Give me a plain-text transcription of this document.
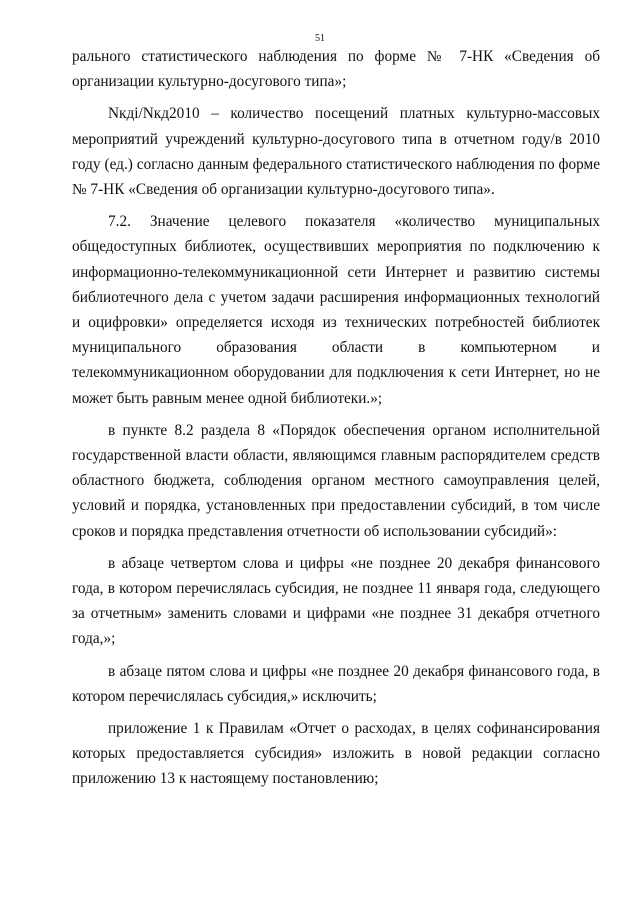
51

рального статистического наблюдения по форме № 7-НК «Сведения об организации культурно-досугового типа»;

Nкдi/Nкд2010 – количество посещений платных культурно-массовых мероприятий учреждений культурно-досугового типа в отчетном году/в 2010 году (ед.) согласно данным федерального статистического наблюдения по форме № 7-НК «Сведения об организации культурно-досугового типа».

7.2. Значение целевого показателя «количество муниципальных общедоступных библиотек, осуществивших мероприятия по подключению к информационно-телекоммуникационной сети Интернет и развитию системы библиотечного дела с учетом задачи расширения информационных технологий и оцифровки» определяется исходя из технических потребностей библиотек муниципального образования области в компьютерном и телекоммуникационном оборудовании для подключения к сети Интернет, но не может быть равным менее одной библиотеки.»;

в пункте 8.2 раздела 8 «Порядок обеспечения органом исполнительной государственной власти области, являющимся главным распорядителем средств областного бюджета, соблюдения органом местного самоуправления целей, условий и порядка, установленных при предоставлении субсидий, в том числе сроков и порядка представления отчетности об использовании субсидий»:

в абзаце четвертом слова и цифры «не позднее 20 декабря финансового года, в котором перечислялась субсидия, не позднее 11 января года, следующего за отчетным» заменить словами и цифрами «не позднее 31 декабря отчетного года,»;

в абзаце пятом слова и цифры «не позднее 20 декабря финансового года, в котором перечислялась субсидия,» исключить;

приложение 1 к Правилам «Отчет о расходах, в целях софинансирования которых предоставляется субсидия» изложить в новой редакции согласно приложению 13 к настоящему постановлению;
